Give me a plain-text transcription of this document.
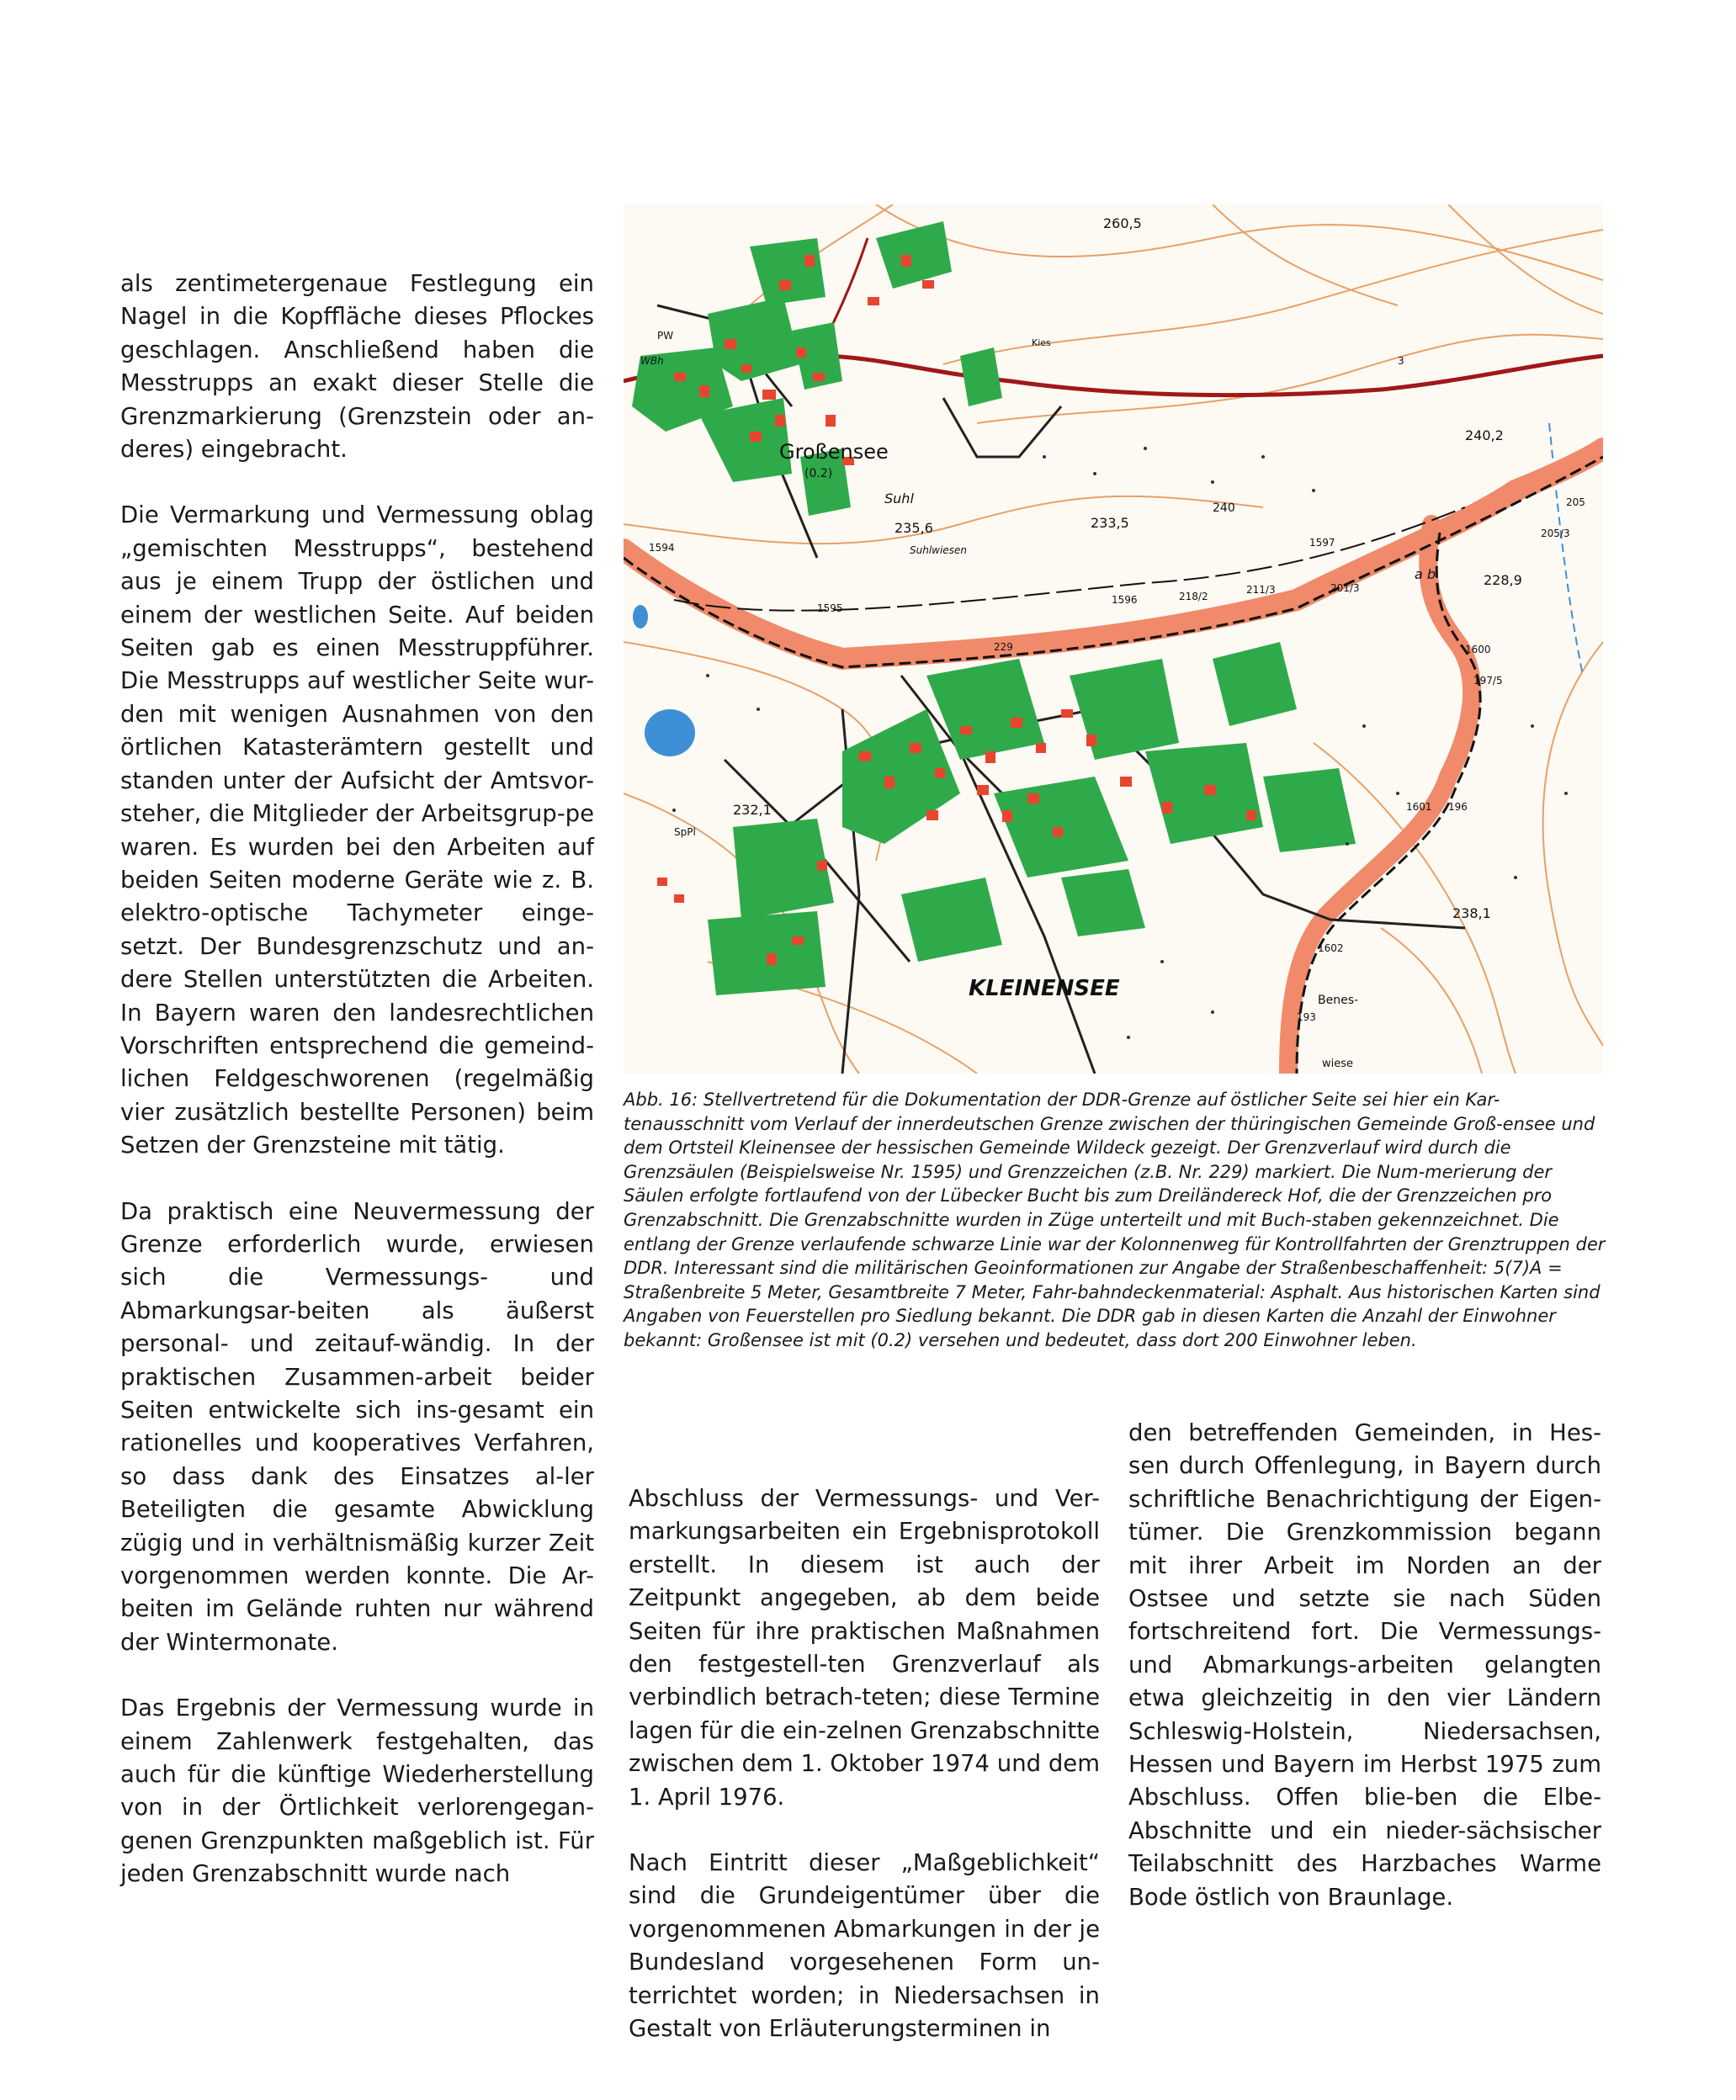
als zentimetergenaue Festlegung ein Nagel in die Kopffläche dieses Pflockes geschlagen. Anschließend haben die Messtrupps an exakt dieser Stelle die Grenzmarkierung (Grenzstein oder an-deres) eingebracht.

Die Vermarkung und Vermessung oblag „gemischten Messtrupps“, bestehend aus je einem Trupp der östlichen und einem der westlichen Seite. Auf beiden Seiten gab es einen Messtruppführer. Die Messtrupps auf westlicher Seite wur-den mit wenigen Ausnahmen von den örtlichen Katasterämtern gestellt und standen unter der Aufsicht der Amtsvor-steher, die Mitglieder der Arbeitsgrup-pe waren. Es wurden bei den Arbeiten auf beiden Seiten moderne Geräte wie z. B. elektro-optische Tachymeter einge-setzt. Der Bundesgrenzschutz und an-dere Stellen unterstützten die Arbeiten. In Bayern waren den landesrechtlichen Vorschriften entsprechend die gemeind-lichen Feldgeschworenen (regelmäßig vier zusätzlich bestellte Personen) beim Setzen der Grenzsteine mit tätig.

Da praktisch eine Neuvermessung der Grenze erforderlich wurde, erwiesen sich die Vermessungs- und Abmarkungsar-beiten als äußerst personal- und zeitauf-wändig. In der praktischen Zusammen-arbeit beider Seiten entwickelte sich ins-gesamt ein rationelles und kooperatives Verfahren, so dass dank des Einsatzes al-ler Beteiligten die gesamte Abwicklung zügig und in verhältnismäßig kurzer Zeit vorgenommen werden konnte. Die Ar-beiten im Gelände ruhten nur während der Wintermonate.

Das Ergebnis der Vermessung wurde in einem Zahlenwerk festgehalten, das auch für die künftige Wiederherstellung von in der Örtlichkeit verlorengegan-genen Grenzpunkten maßgeblich ist. Für jeden Grenzabschnitt wurde nach

Großensee
(0.2)
KLEINENSEE
Suhl
Suhlwiesen
Kies
PW
WBh
SpPl
Benes-
wiese
260,5
240,2
235,6	233,5
232,1
228,9
238,1
240
1595
1596
1597
1594
1600
1601
1602
229
218/2
211/3	201/3
205
205/3
197/5
196
193
a b
3

Abb. 16: Stellvertretend für die Dokumentation der DDR-Grenze auf östlicher Seite sei hier ein Kar-tenausschnitt vom Verlauf der innerdeutschen Grenze zwischen der thüringischen Gemeinde Groß-ensee und dem Ortsteil Kleinensee der hessischen Gemeinde Wildeck gezeigt. Der Grenzverlauf wird durch die Grenzsäulen (Beispielsweise Nr. 1595) und Grenzzeichen (z.B. Nr. 229) markiert. Die Num-merierung der Säulen erfolgte fortlaufend von der Lübecker Bucht bis zum Dreiländereck Hof, die der Grenzzeichen pro Grenzabschnitt. Die Grenzabschnitte wurden in Züge unterteilt und mit Buch-staben gekennzeichnet. Die entlang der Grenze verlaufende schwarze Linie war der Kolonnenweg für Kontrollfahrten der Grenztruppen der DDR. Interessant sind die militärischen Geoinformationen zur Angabe der Straßenbeschaffenheit: 5(7)A = Straßenbreite 5 Meter, Gesamtbreite 7 Meter, Fahr-bahndeckenmaterial: Asphalt. Aus historischen Karten sind Angaben von Feuerstellen pro Siedlung bekannt. Die DDR gab in diesen Karten die Anzahl der Einwohner bekannt: Großensee ist mit (0.2) versehen und bedeutet, dass dort 200 Einwohner leben.

Abschluss der Vermessungs- und Ver-markungsarbeiten ein Ergebnisprotokoll erstellt. In diesem ist auch der Zeitpunkt angegeben, ab dem beide Seiten für ihre praktischen Maßnahmen den festgestell-ten Grenzverlauf als verbindlich betrach-teten; diese Termine lagen für die ein-zelnen Grenzabschnitte zwischen dem 1. Oktober 1974 und dem 1. April 1976.

Nach Eintritt dieser „Maßgeblichkeit“ sind die Grundeigentümer über die vorgenommenen Abmarkungen in der je Bundesland vorgesehenen Form un-terrichtet worden; in Niedersachsen in Gestalt von Erläuterungsterminen in

den betreffenden Gemeinden, in Hes-sen durch Offenlegung, in Bayern durch schriftliche Benachrichtigung der Eigen-tümer. Die Grenzkommission begann mit ihrer Arbeit im Norden an der Ostsee und setzte sie nach Süden fortschreitend fort. Die Vermessungs- und Abmarkungs-arbeiten gelangten etwa gleichzeitig in den vier Ländern Schleswig-Holstein, Niedersachsen, Hessen und Bayern im Herbst 1975 zum Abschluss. Offen blie-ben die Elbe-Abschnitte und ein nieder-sächsischer Teilabschnitt des Harzbaches Warme Bode östlich von Braunlage.
